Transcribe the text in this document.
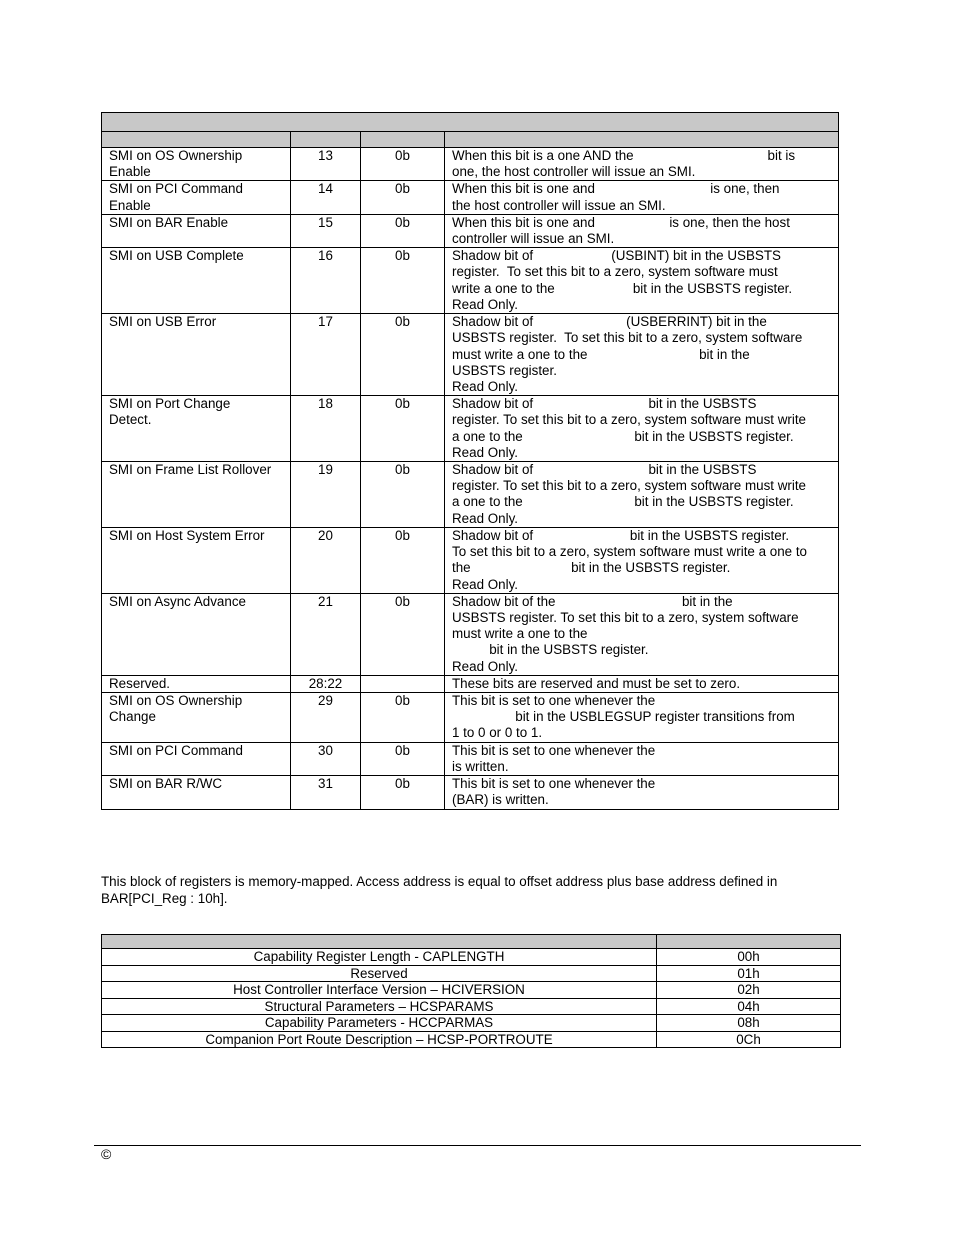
SMI on OS Ownership
Enable	13	0b	When this bit is a one AND the                                    bit is
one, the host controller will issue an SMI.
SMI on PCI Command
Enable	14	0b	When this bit is one and                               is one, then
the host controller will issue an SMI.
SMI on BAR Enable	15	0b	When this bit is one and                    is one, then the host
controller will issue an SMI.
SMI on USB Complete	16	0b	Shadow bit of                     (USBINT) bit in the USBSTS
register.  To set this bit to a zero, system software must
write a one to the                     bit in the USBSTS register.
Read Only.
SMI on USB Error	17	0b	Shadow bit of                         (USBERRINT) bit in the
USBSTS register.  To set this bit to a zero, system software
must write a one to the                              bit in the
USBSTS register.
Read Only.
SMI on Port Change
Detect.	18	0b	Shadow bit of                               bit in the USBSTS
register. To set this bit to a zero, system software must write
a one to the                              bit in the USBSTS register.
Read Only.
SMI on Frame List Rollover	19	0b	Shadow bit of                               bit in the USBSTS
register. To set this bit to a zero, system software must write
a one to the                              bit in the USBSTS register.
Read Only.
SMI on Host System Error	20	0b	Shadow bit of                          bit in the USBSTS register.
To set this bit to a zero, system software must write a one to
the                           bit in the USBSTS register.
Read Only.
SMI on Async Advance	21	0b	Shadow bit of the                                  bit in the
USBSTS register. To set this bit to a zero, system software
must write a one to the
bit in the USBSTS register.
Read Only.
Reserved.	28:22		These bits are reserved and must be set to zero.
SMI on OS Ownership
Change	29	0b	This bit is set to one whenever the
bit in the USBLEGSUP register transitions from
1 to 0 or 0 to 1.
SMI on PCI Command	30	0b	This bit is set to one whenever the
is written.
SMI on BAR R/WC	31	0b	This bit is set to one whenever the
(BAR) is written.
This block of registers is memory-mapped. Access address is equal to offset address plus base address defined in BAR[PCI_Reg : 10h].

Capability Register Length - CAPLENGTH	00h
Reserved	01h
Host Controller Interface Version – HCIVERSION	02h
Structural Parameters – HCSPARAMS	04h
Capability Parameters - HCCPARMAS	08h
Companion Port Route Description – HCSP-PORTROUTE	0Ch
©
